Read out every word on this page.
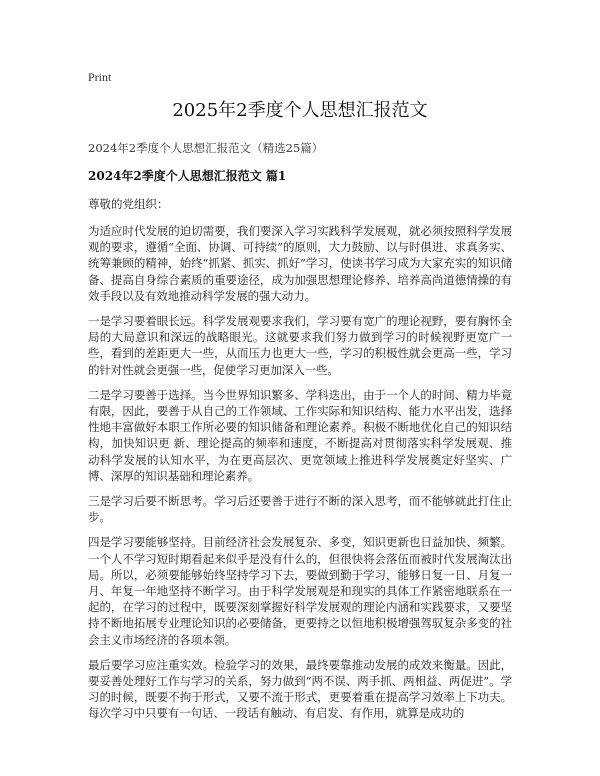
Print
2025年2季度个人思想汇报范文

2024年2季度个人思想汇报范文（精选25篇）

2024年2季度个人思想汇报范文 篇1

尊敬的党组织：

为适应时代发展的迫切需要，我们要深入学习实践科学发展观，就必须按照科学发展观的要求，遵循“全面、协调、可持续”的原则，大力鼓励、以与时俱进、求真务实、统筹兼顾的精神，始终“抓紧、抓实、抓好”学习，使读书学习成为大家充实的知识储备、提高自身综合素质的重要途径，成为加强思想理论修养、培养高尚道德情操的有效手段以及有效地推动科学发展的强大动力。

一是学习要着眼长远。科学发展观要求我们，学习要有宽广的理论视野，要有胸怀全局的大局意识和深远的战略眼光。这就要求我们努力做到学习的时候视野更宽广一些，看到的差距更大一些，从而压力也更大一些，学习的积极性就会更高一些，学习的针对性就会更强一些，促使学习更加深入一些。

二是学习要善于选择。当今世界知识繁多、学科迭出，由于一个人的时间、精力毕竟有限，因此，要善于从自己的工作领域、工作实际和知识结构、能力水平出发，选择性地丰富做好本职工作所必要的知识储备和理论素养。积极不断地优化自己的知识结构，加快知识更 新、理论提高的频率和速度，不断提高对贯彻落实科学发展观、推动科学发展的认知水平，为在更高层次、更宽领域上推进科学发展奠定好坚实、广博、深厚的知识基础和理论素养。

三是学习后要不断思考。学习后还要善于进行不断的深入思考，而不能够就此打住止步。

四是学习要能够坚持。目前经济社会发展复杂、多变，知识更新也日益加快、频繁。一个人不学习短时期看起来似乎是没有什么的，但很快将会落伍而被时代发展淘汰出局。所以，必须要能够始终坚持学习下去，要做到勤于学习，能够日复一日、月复一月、年复一年地坚持不断学习。由于科学发展观是和现实的具体工作紧密地联系在一起的，在学习的过程中，既要深刻掌握好科学发展观的理论内涵和实践要求，又要坚持不断地拓展专业理论知识的必要储备，更要持之以恒地积极增强驾驭复杂多变的社会主义市场经济的各项本领。

最后要学习应注重实效。检验学习的效果，最终要靠推动发展的成效来衡量。因此，要妥善处理好工作与学习的关系，努力做到“两不误、两手抓、两相益、两促进”。学习的时候，既要不拘于形式，又要不流于形式，更要着重在提高学习效率上下功夫。每次学习中只要有一句话、一段话有触动、有启发、有作用，就算是成功的
